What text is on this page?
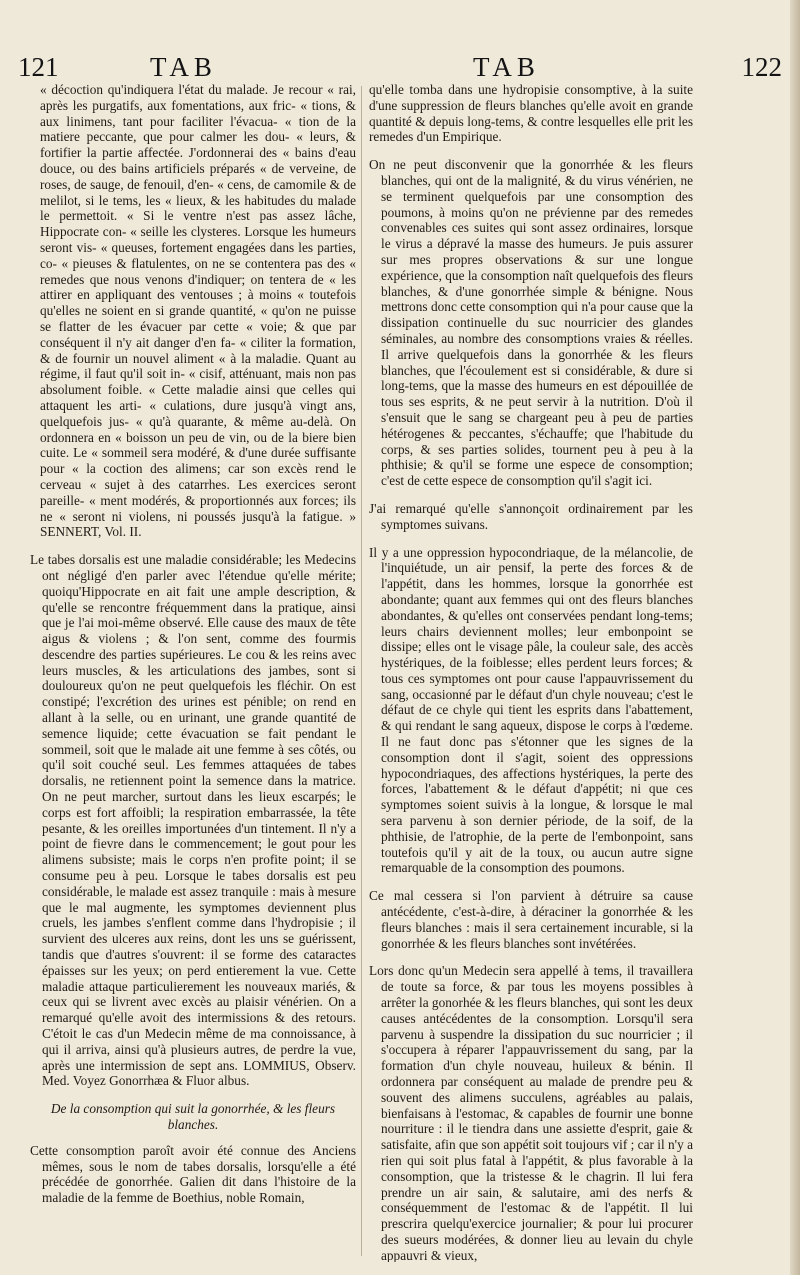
121	TAB	TAB	122

« décoction qu'indiquera l'état du malade. Je recour « rai, après les purgatifs, aux fomentations, aux fric- « tions, & aux linimens, tant pour faciliter l'évacua- « tion de la matiere peccante, que pour calmer les dou- « leurs, & fortifier la partie affectée. J'ordonnerai des « bains d'eau douce, ou des bains artificiels préparés « de verveine, de roses, de sauge, de fenouil, d'en- « cens, de camomile & de melilot, si le tems, les « lieux, & les habitudes du malade le permettoit. « Si le ventre n'est pas assez lâche, Hippocrate con- « seille les clysteres. Lorsque les humeurs seront vis- « queuses, fortement engagées dans les parties, co- « pieuses & flatulentes, on ne se contentera pas des « remedes que nous venons d'indiquer; on tentera de « les attirer en appliquant des ventouses ; à moins « toutefois qu'elles ne soient en si grande quantité, « qu'on ne puisse se flatter de les évacuer par cette « voie; & que par conséquent il n'y ait danger d'en fa- « ciliter la formation, & de fournir un nouvel aliment « à la maladie. Quant au régime, il faut qu'il soit in- « cisif, atténuant, mais non pas absolument foible. « Cette maladie ainsi que celles qui attaquent les arti- « culations, dure jusqu'à vingt ans, quelquefois jus- « qu'à quarante, & même au-delà. On ordonnera en « boisson un peu de vin, ou de la biere bien cuite. Le « sommeil sera modéré, & d'une durée suffisante pour « la coction des alimens; car son excès rend le cerveau « sujet à des catarrhes. Les exercices seront pareille- « ment modérés, & proportionnés aux forces; ils ne « seront ni violens, ni poussés jusqu'à la fatigue. » SENNERT, Vol. II.

Le tabes dorsalis est une maladie considérable; les Medecins ont négligé d'en parler avec l'étendue qu'elle mérite; quoiqu'Hippocrate en ait fait une ample description, & qu'elle se rencontre fréquemment dans la pratique, ainsi que je l'ai moi-même observé. Elle cause des maux de tête aigus & violens ; & l'on sent, comme des fourmis descendre des parties supérieures. Le cou & les reins avec leurs muscles, & les articulations des jambes, sont si douloureux qu'on ne peut quelquefois les fléchir. On est constipé; l'excrétion des urines est pénible; on rend en allant à la selle, ou en urinant, une grande quantité de semence liquide; cette évacuation se fait pendant le sommeil, soit que le malade ait une femme à ses côtés, ou qu'il soit couché seul. Les femmes attaquées de tabes dorsalis, ne retiennent point la semence dans la matrice. On ne peut marcher, surtout dans les lieux escarpés; le corps est fort affoibli; la respiration embarrassée, la tête pesante, & les oreilles importunées d'un tintement. Il n'y a point de fievre dans le commencement; le gout pour les alimens subsiste; mais le corps n'en profite point; il se consume peu à peu. Lorsque le tabes dorsalis est peu considérable, le malade est assez tranquile : mais à mesure que le mal augmente, les symptomes deviennent plus cruels, les jambes s'enflent comme dans l'hydropisie ; il survient des ulceres aux reins, dont les uns se guérissent, tandis que d'autres s'ouvrent: il se forme des cataractes épaisses sur les yeux; on perd entierement la vue. Cette maladie attaque particulierement les nouveaux mariés, & ceux qui se livrent avec excès au plaisir vénérien. On a remarqué qu'elle avoit des intermissions & des retours. C'étoit le cas d'un Medecin même de ma connoissance, à qui il arriva, ainsi qu'à plusieurs autres, de perdre la vue, après une intermission de sept ans. LOMMIUS, Observ. Med. Voyez Gonorrhæa & Fluor albus.

De la consomption qui suit la gonorrhée, & les fleurs blanches.

Cette consomption paroît avoir été connue des Anciens mêmes, sous le nom de tabes dorsalis, lorsqu'elle a été précédée de gonorrhée. Galien dit dans l'histoire de la maladie de la femme de Boethius, noble Romain,

qu'elle tomba dans une hydropisie consomptive, à la suite d'une suppression de fleurs blanches qu'elle avoit en grande quantité & depuis long-tems, & contre lesquelles elle prit les remedes d'un Empirique.

On ne peut disconvenir que la gonorrhée & les fleurs blanches, qui ont de la malignité, & du virus vénérien, ne se terminent quelquefois par une consomption des poumons, à moins qu'on ne prévienne par des remedes convenables ces suites qui sont assez ordinaires, lorsque le virus a dépravé la masse des humeurs. Je puis assurer sur mes propres observations & sur une longue expérience, que la consomption naît quelquefois des fleurs blanches, & d'une gonorrhée simple & bénigne. Nous mettrons donc cette consomption qui n'a pour cause que la dissipation continuelle du suc nourricier des glandes séminales, au nombre des consomptions vraies & réelles. Il arrive quelquefois dans la gonorrhée & les fleurs blanches, que l'écoulement est si considérable, & dure si long-tems, que la masse des humeurs en est dépouillée de tous ses esprits, & ne peut servir à la nutrition. D'où il s'ensuit que le sang se chargeant peu à peu de parties hétérogenes & peccantes, s'échauffe; que l'habitude du corps, & ses parties solides, tournent peu à peu à la phthisie; & qu'il se forme une espece de consomption; c'est de cette espece de consomption qu'il s'agit ici.

J'ai remarqué qu'elle s'annonçoit ordinairement par les symptomes suivans.

Il y a une oppression hypocondriaque, de la mélancolie, de l'inquiétude, un air pensif, la perte des forces & de l'appétit, dans les hommes, lorsque la gonorrhée est abondante; quant aux femmes qui ont des fleurs blanches abondantes, & qu'elles ont conservées pendant long-tems; leurs chairs deviennent molles; leur embonpoint se dissipe; elles ont le visage pâle, la couleur sale, des accès hystériques, de la foiblesse; elles perdent leurs forces; & tous ces symptomes ont pour cause l'appauvrissement du sang, occasionné par le défaut d'un chyle nouveau; c'est le défaut de ce chyle qui tient les esprits dans l'abattement, & qui rendant le sang aqueux, dispose le corps à l'œdeme. Il ne faut donc pas s'étonner que les signes de la consomption dont il s'agit, soient des oppressions hypocondriaques, des affections hystériques, la perte des forces, l'abattement & le défaut d'appétit; ni que ces symptomes soient suivis à la longue, & lorsque le mal sera parvenu à son dernier période, de la soif, de la phthisie, de l'atrophie, de la perte de l'embonpoint, sans toutefois qu'il y ait de la toux, ou aucun autre signe remarquable de la consomption des poumons.

Ce mal cessera si l'on parvient à détruire sa cause antécédente, c'est-à-dire, à déraciner la gonorrhée & les fleurs blanches : mais il sera certainement incurable, si la gonorrhée & les fleurs blanches sont invétérées.

Lors donc qu'un Medecin sera appellé à tems, il travaillera de toute sa force, & par tous les moyens possibles à arrêter la gonorhée & les fleurs blanches, qui sont les deux causes antécédentes de la consomption. Lorsqu'il sera parvenu à suspendre la dissipation du suc nourricier ; il s'occupera à réparer l'appauvrissement du sang, par la formation d'un chyle nouveau, huileux & bénin. Il ordonnera par conséquent au malade de prendre peu & souvent des alimens succulens, agréables au palais, bienfaisans à l'estomac, & capables de fournir une bonne nourriture : il le tiendra dans une assiette d'esprit, gaie & satisfaite, afin que son appétit soit toujours vif ; car il n'y a rien qui soit plus fatal à l'appétit, & plus favorable à la consomption, que la tristesse & le chagrin. Il lui fera prendre un air sain, & salutaire, ami des nerfs & conséquemment de l'estomac & de l'appétit. Il lui prescrira quelqu'exercice journalier; & pour lui procurer des sueurs modérées, & donner lieu au levain du chyle appauvri & vieux,
